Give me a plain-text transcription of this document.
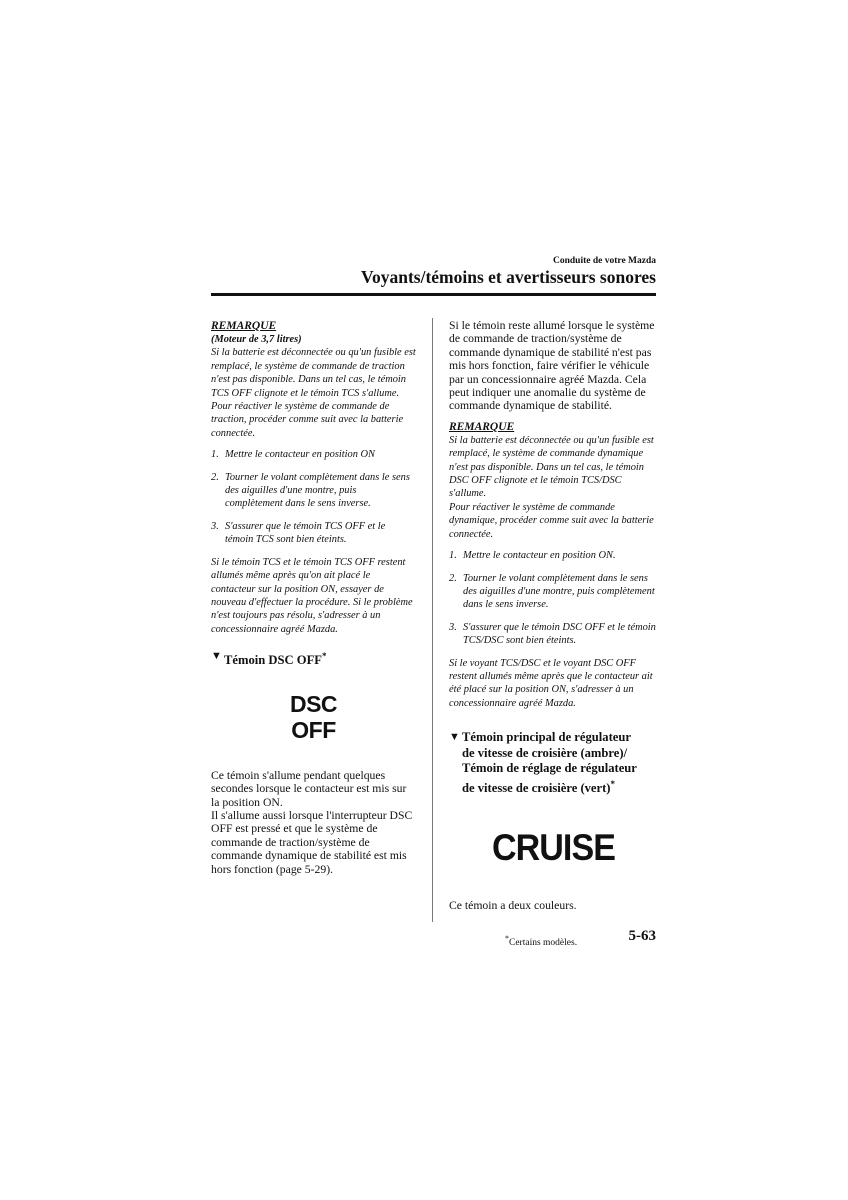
Conduite de votre Mazda
Voyants/témoins et avertisseurs sonores

REMARQUE

(Moteur de 3,7 litres)

Si la batterie est déconnectée ou qu'un fusible est remplacé, le système de commande de traction n'est pas disponible. Dans un tel cas, le témoin TCS OFF clignote et le témoin TCS s'allume. Pour réactiver le système de commande de traction, procéder comme suit avec la batterie connectée.

1. Mettre le contacteur en position ON
2. Tourner le volant complètement dans le sens des aiguilles d'une montre, puis complètement dans le sens inverse.
3. S'assurer que le témoin TCS OFF et le témoin TCS sont bien éteints.

Si le témoin TCS et le témoin TCS OFF restent allumés même après qu'on ait placé le contacteur sur la position ON, essayer de nouveau d'effectuer la procédure. Si le problème n'est toujours pas résolu, s'adresser à un concessionnaire agréé Mazda.

▼ Témoin DSC OFF*

DSC
OFF

Ce témoin s'allume pendant quelques secondes lorsque le contacteur est mis sur la position ON.

Il s'allume aussi lorsque l'interrupteur DSC OFF est pressé et que le système de commande de traction/système de commande dynamique de stabilité est mis hors fonction (page 5-29).

Si le témoin reste allumé lorsque le système de commande de traction/système de commande dynamique de stabilité n'est pas mis hors fonction, faire vérifier le véhicule par un concessionnaire agréé Mazda. Cela peut indiquer une anomalie du système de commande dynamique de stabilité.

REMARQUE

Si la batterie est déconnectée ou qu'un fusible est remplacé, le système de commande dynamique n'est pas disponible. Dans un tel cas, le témoin DSC OFF clignote et le témoin TCS/DSC s'allume.

Pour réactiver le système de commande dynamique, procéder comme suit avec la batterie connectée.

1. Mettre le contacteur en position ON.
2. Tourner le volant complètement dans le sens des aiguilles d'une montre, puis complètement dans le sens inverse.
3. S'assurer que le témoin DSC OFF et le témoin TCS/DSC sont bien éteints.

Si le voyant TCS/DSC et le voyant DSC OFF restent allumés même après que le contacteur ait été placé sur la position ON, s'adresser à un concessionnaire agréé Mazda.

▼ Témoin principal de régulateur
de vitesse de croisière (ambre)/
Témoin de réglage de régulateur
de vitesse de croisière (vert)*
CRUISE

Ce témoin a deux couleurs.

*Certains modèles.	5-63
